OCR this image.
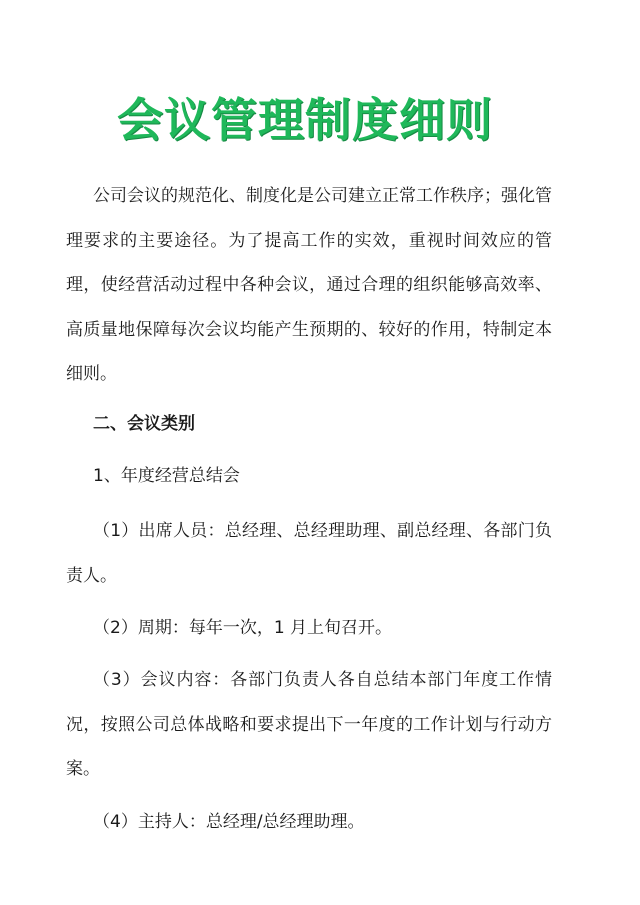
会议管理制度细则

公司会议的规范化、制度化是公司建立正常工作秩序；强化管理要求的主要途径。为了提高工作的实效，重视时间效应的管理，使经营活动过程中各种会议，通过合理的组织能够高效率、高质量地保障每次会议均能产生预期的、较好的作用，特制定本细则。

二、会议类别

1、年度经营总结会

（1）出席人员：总经理、总经理助理、副总经理、各部门负责人。

（2）周期：每年一次，1 月上旬召开。

（3）会议内容：各部门负责人各自总结本部门年度工作情况，按照公司总体战略和要求提出下一年度的工作计划与行动方案。

（4）主持人：总经理/总经理助理。
